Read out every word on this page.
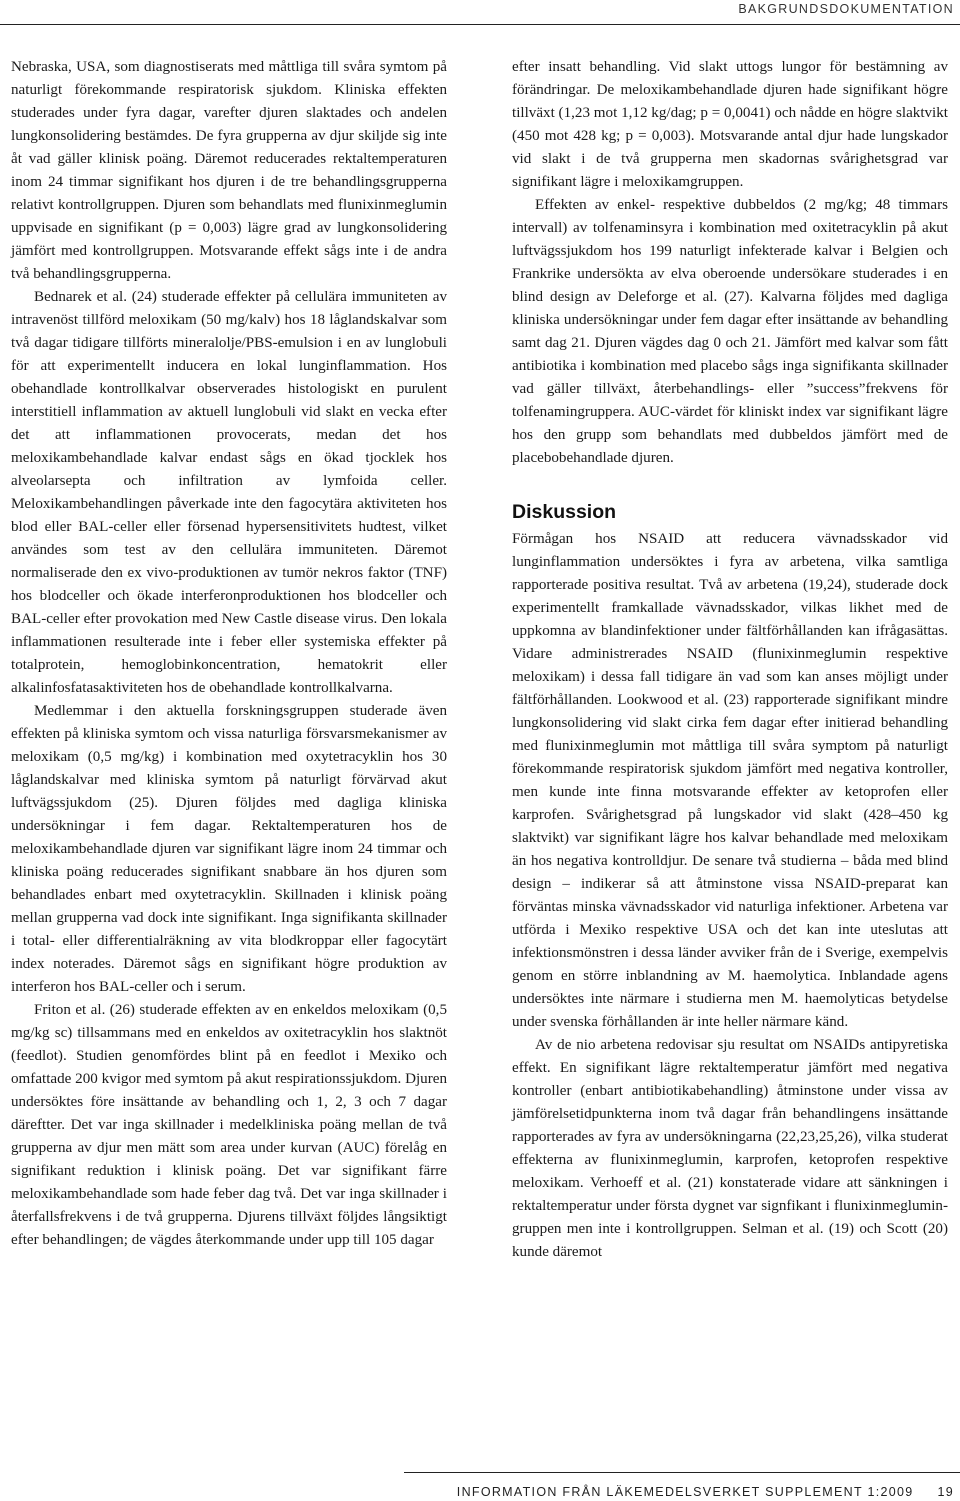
BAKGRUNDSDOKUMENTATION

Nebraska, USA, som diagnostiserats med måttliga till svåra symtom på naturligt förekommande respiratorisk sjukdom. Kliniska effekten studerades under fyra dagar, varefter djuren slaktades och andelen lungkonsolidering bestämdes. De fyra grupperna av djur skiljde sig inte åt vad gäller klinisk poäng. Däremot reducerades rektaltemperaturen inom 24 timmar signifikant hos djuren i de tre behandlingsgrupperna relativt kontrollgruppen. Djuren som behandlats med flunixinmeglumin uppvisade en signifikant (p = 0,003) lägre grad av lungkonsolidering jämfört med kontrollgruppen. Motsvarande effekt sågs inte i de andra två behandlingsgrupperna.

Bednarek et al. (24) studerade effekter på cellulära immuniteten av intravenöst tillförd meloxikam (50 mg/kalv) hos 18 låglandskalvar som två dagar tidigare tillförts mineralolje/PBS-emulsion i en av lunglobuli för att experimentellt inducera en lokal lunginflammation. Hos obehandlade kontrollkalvar observerades histologiskt en purulent interstitiell inflammation av aktuell lunglobuli vid slakt en vecka efter det att inflammationen provocerats, medan det hos meloxikambehandlade kalvar endast sågs en ökad tjocklek hos alveolarsepta och infiltration av lymfoida celler. Meloxikambehandlingen påverkade inte den fagocytära aktiviteten hos blod eller BAL-celler eller försenad hypersensitivitets hudtest, vilket användes som test av den cellulära immuniteten. Däremot normaliserade den ex vivo-produktionen av tumör nekros faktor (TNF) hos blodceller och ökade interferonproduktionen hos blodceller och BAL-celler efter provokation med New Castle disease virus. Den lokala inflammationen resulterade inte i feber eller systemiska effekter på totalprotein, hemoglobinkoncentration, hematokrit eller alkalinfosfatasaktiviteten hos de obehandlade kontrollkalvarna.

Medlemmar i den aktuella forskningsgruppen studerade även effekten på kliniska symtom och vissa naturliga försvarsmekanismer av meloxikam (0,5 mg/kg) i kombination med oxytetracyklin hos 30 låglandskalvar med kliniska symtom på naturligt förvärvad akut luftvägssjukdom (25). Djuren följdes med dagliga kliniska undersökningar i fem dagar. Rektaltemperaturen hos de meloxikambehandlade djuren var signifikant lägre inom 24 timmar och kliniska poäng reducerades signifikant snabbare än hos djuren som behandlades enbart med oxytetracyklin. Skillnaden i klinisk poäng mellan grupperna vad dock inte signifikant. Inga signifikanta skillnader i total- eller differentialräkning av vita blodkroppar eller fagocytärt index noterades. Däremot sågs en signifikant högre produktion av interferon hos BAL-celler och i serum.

Friton et al. (26) studerade effekten av en enkeldos meloxikam (0,5 mg/kg sc) tillsammans med en enkeldos av oxitetracyklin hos slaktnöt (feedlot). Studien genomfördes blint på en feedlot i Mexiko och omfattade 200 kvigor med symtom på akut respirationssjukdom. Djuren undersöktes före insättande av behandling och 1, 2, 3 och 7 dagar däreftter. Det var inga skillnader i medelkliniska poäng mellan de två grupperna av djur men mätt som area under kurvan (AUC) förelåg en signifikant reduktion i klinisk poäng. Det var signifikant färre meloxikambehandlade som hade feber dag två. Det var inga skillnader i återfallsfrekvens i de två grupperna. Djurens tillväxt följdes långsiktigt efter behandlingen; de vägdes återkommande under upp till 105 dagar

efter insatt behandling. Vid slakt uttogs lungor för bestämning av förändringar. De meloxikambehandlade djuren hade signifikant högre tillväxt (1,23 mot 1,12 kg/dag; p = 0,0041) och nådde en högre slaktvikt (450 mot 428 kg; p = 0,003). Motsvarande antal djur hade lungskador vid slakt i de två grupperna men skadornas svårighetsgrad var signifikant lägre i meloxikamgruppen.

Effekten av enkel- respektive dubbeldos (2 mg/kg; 48 timmars intervall) av tolfenaminsyra i kombination med oxitetracyklin på akut luftvägssjukdom hos 199 naturligt infekterade kalvar i Belgien och Frankrike undersökta av elva oberoende undersökare studerades i en blind design av Deleforge et al. (27). Kalvarna följdes med dagliga kliniska undersökningar under fem dagar efter insättande av behandling samt dag 21. Djuren vägdes dag 0 och 21. Jämfört med kalvar som fått antibiotika i kombination med placebo sågs inga signifikanta skillnader vad gäller tillväxt, återbehandlings- eller ”success”frekvens för tolfenamingruppera. AUC-värdet för kliniskt index var signifikant lägre hos den grupp som behandlats med dubbeldos jämfört med de placebobehandlade djuren.

Diskussion

Förmågan hos NSAID att reducera vävnadsskador vid lunginflammation undersöktes i fyra av arbetena, vilka samtliga rapporterade positiva resultat. Två av arbetena (19,24), studerade dock experimentellt framkallade vävnadsskador, vilkas likhet med de uppkomna av blandinfektioner under fältförhållanden kan ifrågasättas. Vidare administrerades NSAID (flunixinmeglumin respektive meloxikam) i dessa fall tidigare än vad som kan anses möjligt under fältförhållanden. Lookwood et al. (23) rapporterade signifikant mindre lungkonsolidering vid slakt cirka fem dagar efter initierad behandling med flunixinmeglumin mot måttliga till svåra symptom på naturligt förekommande respiratorisk sjukdom jämfört med negativa kontroller, men kunde inte finna motsvarande effekter av ketoprofen eller karprofen. Svårighetsgrad på lungskador vid slakt (428–450 kg slaktvikt) var signifikant lägre hos kalvar behandlade med meloxikam än hos negativa kontrolldjur. De senare två studierna – båda med blind design – indikerar så att åtminstone vissa NSAID-preparat kan förväntas minska vävnadsskador vid naturliga infektioner. Arbetena var utförda i Mexiko respektive USA och det kan inte uteslutas att infektionsmönstren i dessa länder avviker från de i Sverige, exempelvis genom en större inblandning av M. haemolytica. Inblandade agens undersöktes inte närmare i studierna men M. haemolyticas betydelse under svenska förhållanden är inte heller närmare känd.

Av de nio arbetena redovisar sju resultat om NSAIDs antipyretiska effekt. En signifikant lägre rektaltemperatur jämfört med negativa kontroller (enbart antibiotikabehandling) åtminstone under vissa av jämförelsetidpunkterna inom två dagar från behandlingens insättande rapporterades av fyra av undersökningarna (22,23,25,26), vilka studerat effekterna av flunixinmeglumin, karprofen, ketoprofen respektive meloxikam. Verhoeff et al. (21) konstaterade vidare att sänkningen i rektaltemperatur under första dygnet var signfikant i flunixinmeglumin-gruppen men inte i kontrollgruppen. Selman et al. (19) och Scott (20) kunde däremot

INFORMATION FRÅN LÄKEMEDELSVERKET SUPPLEMENT 1:2009 19
